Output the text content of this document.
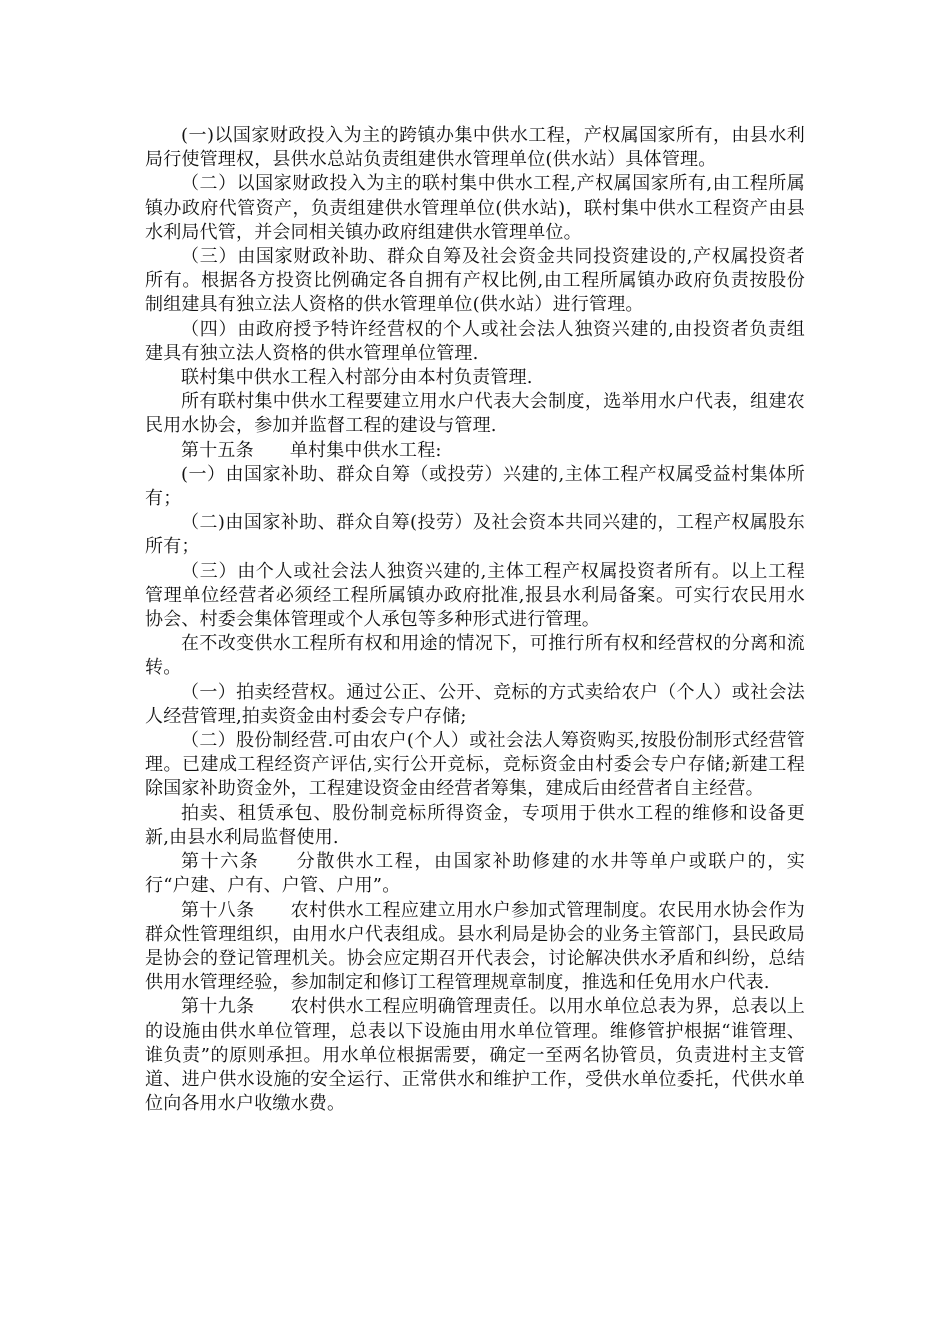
(一)以国家财政投入为主的跨镇办集中供水工程，产权属国家所有，由县水利局行使管理权，县供水总站负责组建供水管理单位(供水站）具体管理。

（二）以国家财政投入为主的联村集中供水工程,产权属国家所有,由工程所属镇办政府代管资产，负责组建供水管理单位(供水站)，联村集中供水工程资产由县水利局代管，并会同相关镇办政府组建供水管理单位。

（三）由国家财政补助、群众自筹及社会资金共同投资建设的,产权属投资者所有。根据各方投资比例确定各自拥有产权比例,由工程所属镇办政府负责按股份制组建具有独立法人资格的供水管理单位(供水站）进行管理。

（四）由政府授予特许经营权的个人或社会法人独资兴建的,由投资者负责组建具有独立法人资格的供水管理单位管理.

联村集中供水工程入村部分由本村负责管理.

所有联村集中供水工程要建立用水户代表大会制度，选举用水户代表，组建农民用水协会，参加并监督工程的建设与管理.

第十五条 单村集中供水工程:

(一）由国家补助、群众自筹（或投劳）兴建的,主体工程产权属受益村集体所有；

（二)由国家补助、群众自筹(投劳）及社会资本共同兴建的，工程产权属股东所有；

（三）由个人或社会法人独资兴建的,主体工程产权属投资者所有。以上工程管理单位经营者必须经工程所属镇办政府批准,报县水利局备案。可实行农民用水协会、村委会集体管理或个人承包等多种形式进行管理。

在不改变供水工程所有权和用途的情况下，可推行所有权和经营权的分离和流转。

（一）拍卖经营权。通过公正、公开、竞标的方式卖给农户（个人）或社会法人经营管理,拍卖资金由村委会专户存储;

（二）股份制经营.可由农户(个人）或社会法人筹资购买,按股份制形式经营管理。已建成工程经资产评估,实行公开竞标，竞标资金由村委会专户存储;新建工程除国家补助资金外，工程建设资金由经营者筹集，建成后由经营者自主经营。

拍卖、租赁承包、股份制竞标所得资金，专项用于供水工程的维修和设备更新,由县水利局监督使用.

第十六条 分散供水工程，由国家补助修建的水井等单户或联户的，实行“户建、户有、户管、户用”。

第十八条 农村供水工程应建立用水户参加式管理制度。农民用水协会作为群众性管理组织，由用水户代表组成。县水利局是协会的业务主管部门，县民政局是协会的登记管理机关。协会应定期召开代表会，讨论解决供水矛盾和纠纷，总结供用水管理经验，参加制定和修订工程管理规章制度，推选和任免用水户代表.

第十九条 农村供水工程应明确管理责任。以用水单位总表为界，总表以上的设施由供水单位管理，总表以下设施由用水单位管理。维修管护根据“谁管理、谁负责”的原则承担。用水单位根据需要，确定一至两名协管员，负责进村主支管道、进户供水设施的安全运行、正常供水和维护工作，受供水单位委托，代供水单位向各用水户收缴水费。
